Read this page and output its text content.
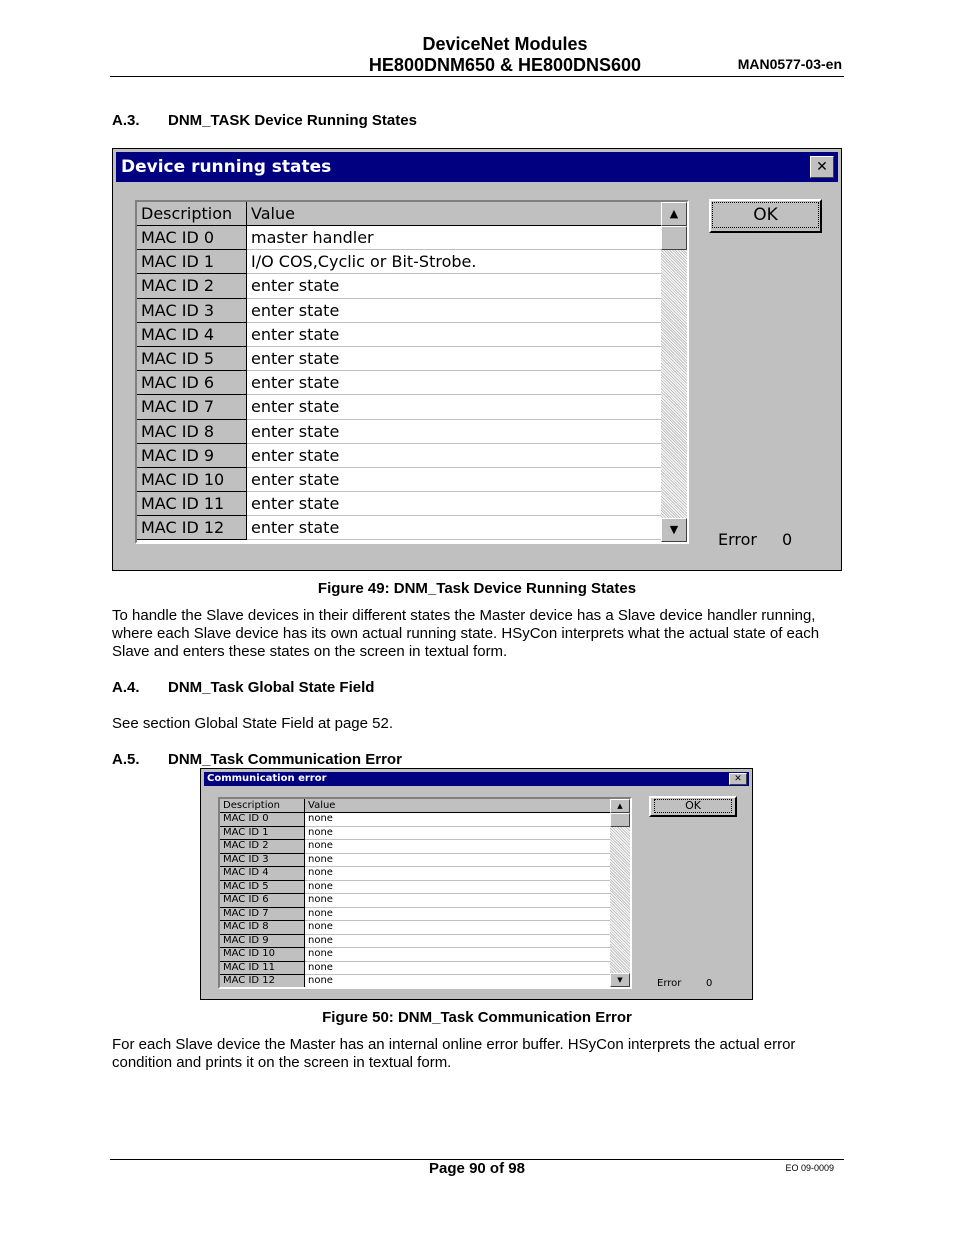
DeviceNet Modules
HE800DNM650 & HE800DNS600	MAN0577-03-en
A.3. DNM_TASK Device Running States
Device running states	✕
Description	Value
MAC ID 0	master handler
MAC ID 1	I/O COS,Cyclic or Bit-Strobe.
MAC ID 2	enter state
MAC ID 3	enter state
MAC ID 4	enter state
MAC ID 5	enter state
MAC ID 6	enter state
MAC ID 7	enter state
MAC ID 8	enter state
MAC ID 9	enter state
MAC ID 10	enter state
MAC ID 11	enter state
MAC ID 12	enter state
▲
▼
OK
Error 0
Figure 49: DNM_Task Device Running States
To handle the Slave devices in their different states the Master device has a Slave device handler running, where each Slave device has its own actual running state. HSyCon interprets what the actual state of each Slave and enters these states on the screen in textual form.
A.4. DNM_Task Global State Field
See section Global State Field at page 52.
A.5. DNM_Task Communication Error
Communication error	✕
Description	Value
MAC ID 0	none
MAC ID 1	none
MAC ID 2	none
MAC ID 3	none
MAC ID 4	none
MAC ID 5	none
MAC ID 6	none
MAC ID 7	none
MAC ID 8	none
MAC ID 9	none
MAC ID 10	none
MAC ID 11	none
MAC ID 12	none
▲
▼
OK
Error 0
Figure 50: DNM_Task Communication Error
For each Slave device the Master has an internal online error buffer. HSyCon interprets the actual error condition and prints it on the screen in textual form.
Page 90 of 98	EO 09-0009
